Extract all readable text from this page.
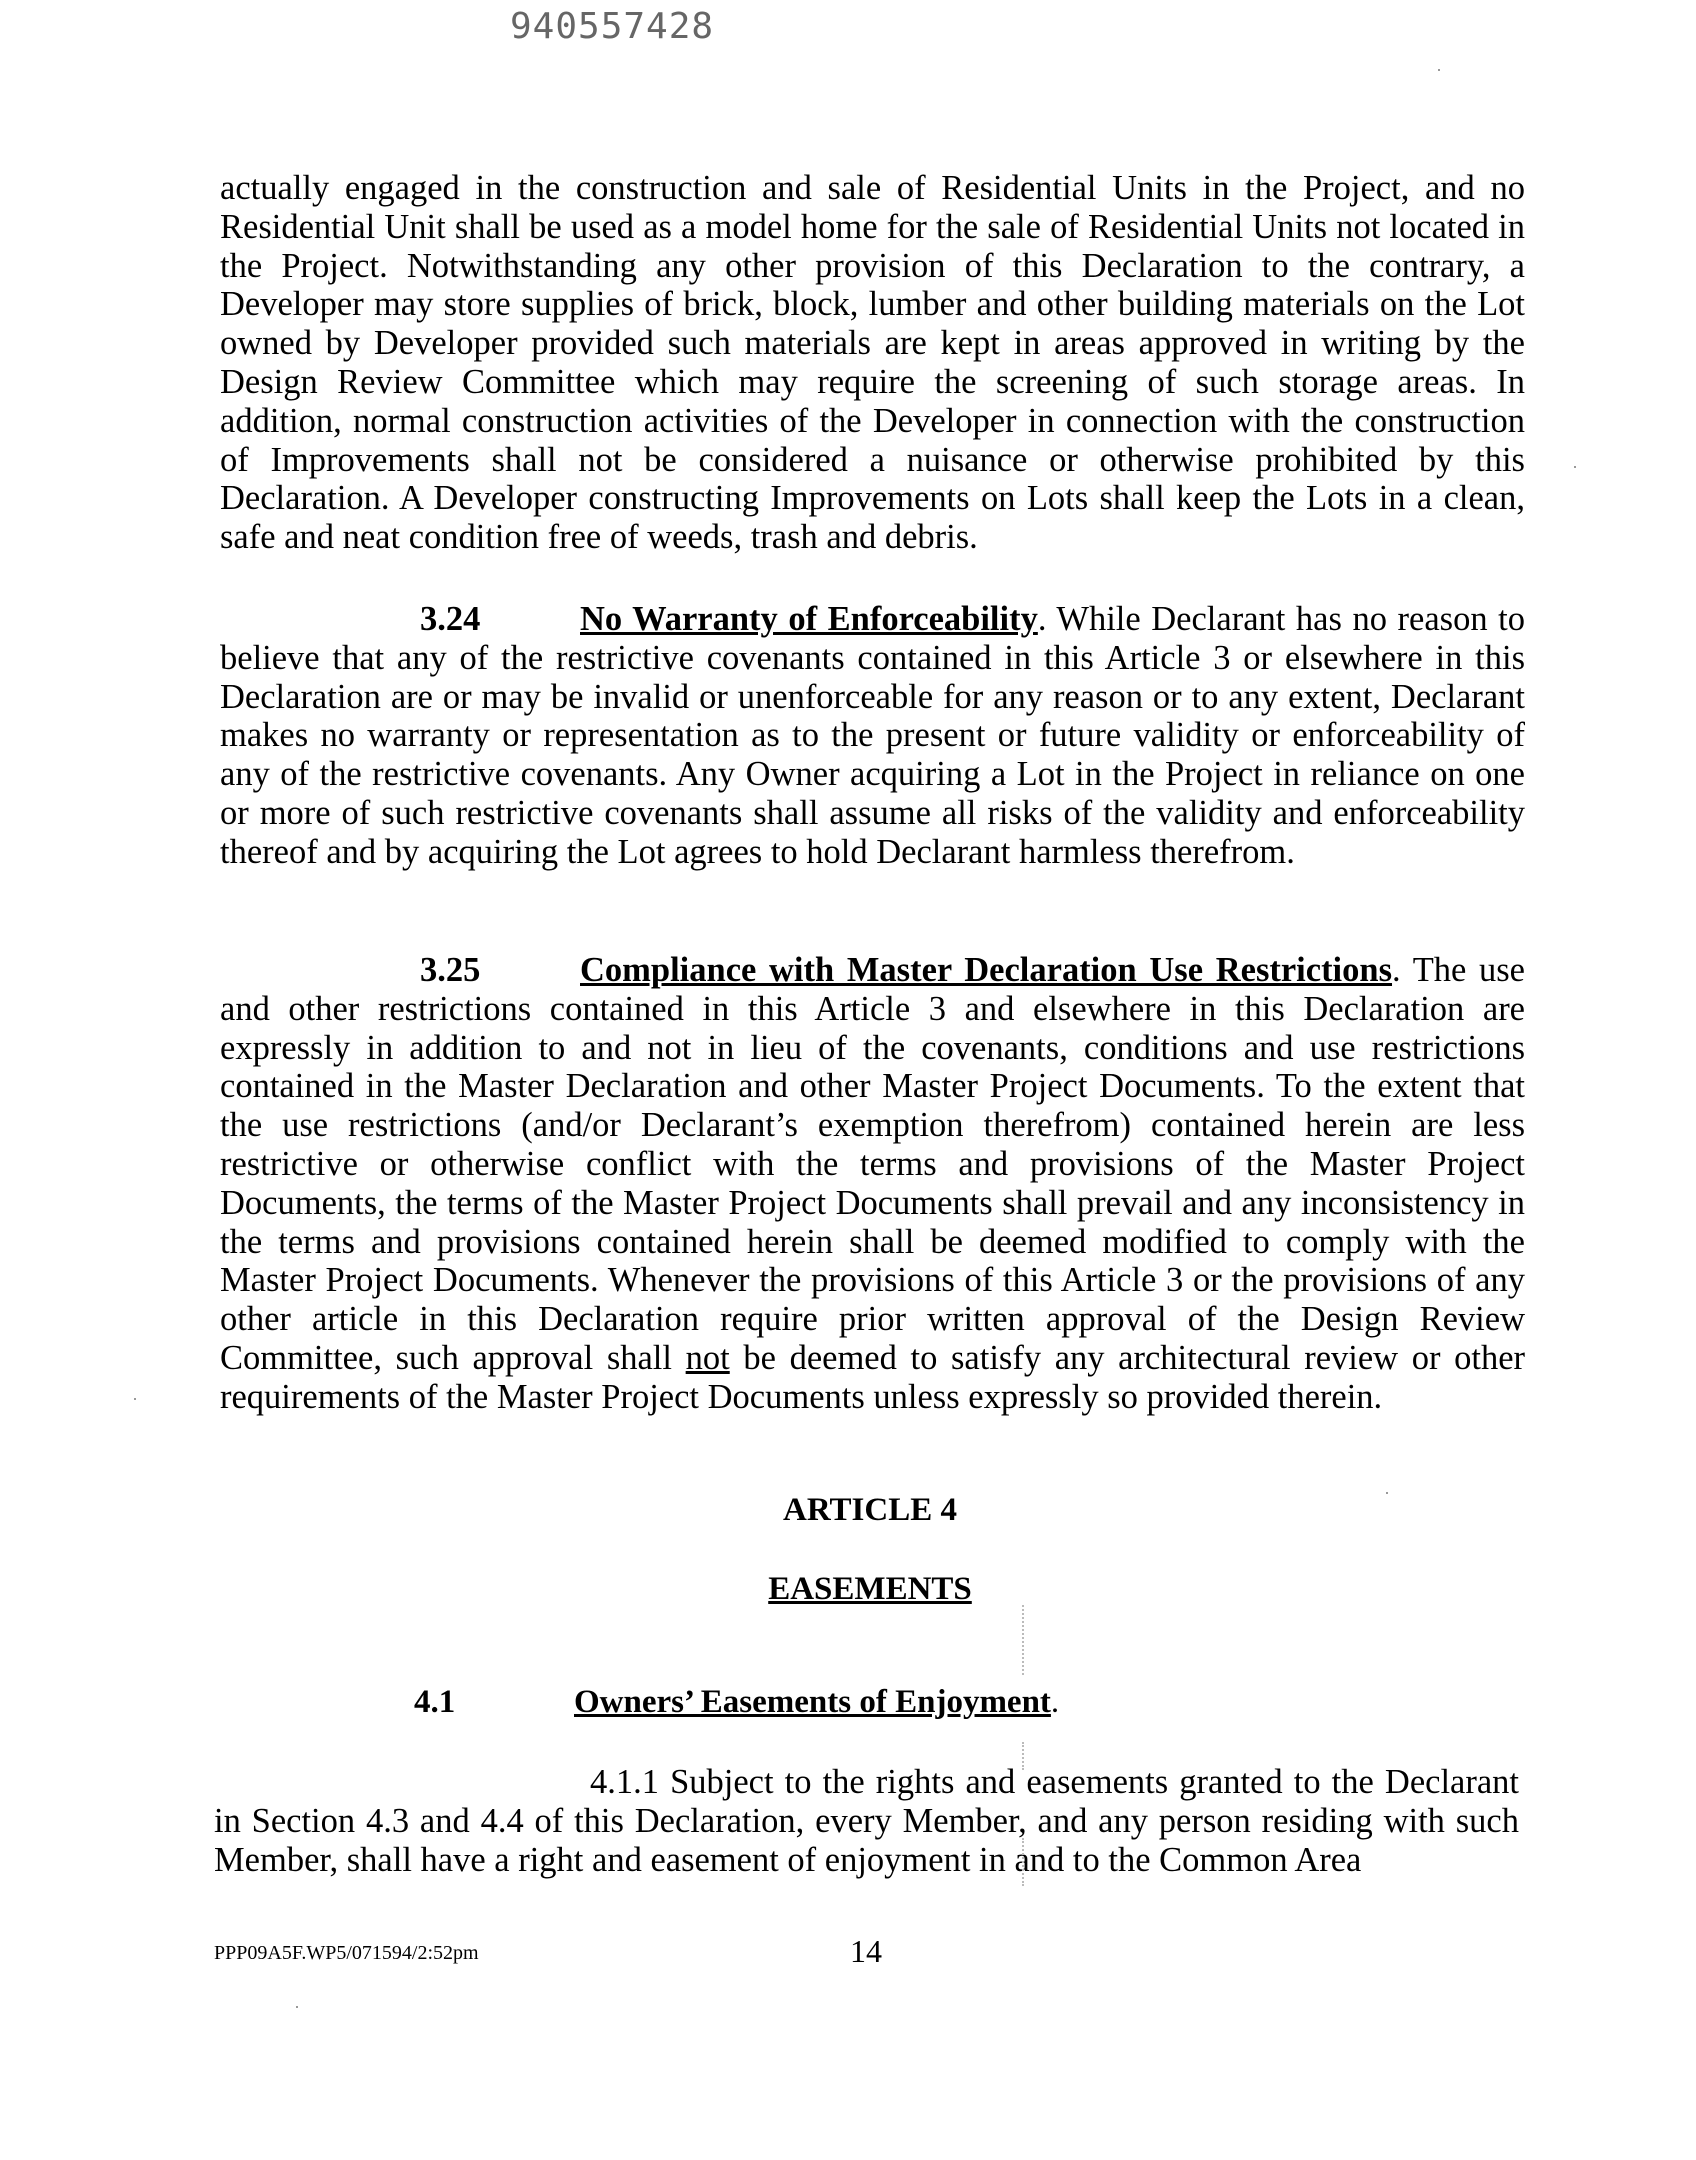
940557428

actually engaged in the construction and sale of Residential Units in the Project, and no Residential Unit shall be used as a model home for the sale of Residential Units not located in the Project. Notwithstanding any other provision of this Declaration to the contrary, a Developer may store supplies of brick, block, lumber and other building materials on the Lot owned by Developer provided such materials are kept in areas approved in writing by the Design Review Committee which may require the screening of such storage areas. In addition, normal construction activities of the Developer in connection with the construction of Improvements shall not be considered a nuisance or otherwise prohibited by this Declaration. A Developer constructing Improvements on Lots shall keep the Lots in a clean, safe and neat condition free of weeds, trash and debris.

3.24	No Warranty of Enforceability. While Declarant has no reason to believe that any of the restrictive covenants contained in this Article 3 or elsewhere in this Declaration are or may be invalid or unenforceable for any reason or to any extent, Declarant makes no warranty or representation as to the present or future validity or enforceability of any of the restrictive covenants. Any Owner acquiring a Lot in the Project in reliance on one or more of such restrictive covenants shall assume all risks of the validity and enforceability thereof and by acquiring the Lot agrees to hold Declarant harmless therefrom.

3.25	Compliance with Master Declaration Use Restrictions. The use and other restrictions contained in this Article 3 and elsewhere in this Declaration are expressly in addition to and not in lieu of the covenants, conditions and use restrictions contained in the Master Declaration and other Master Project Documents. To the extent that the use restrictions (and/or Declarant’s exemption therefrom) contained herein are less restrictive or otherwise conflict with the terms and provisions of the Master Project Documents, the terms of the Master Project Documents shall prevail and any inconsistency in the terms and provisions contained herein shall be deemed modified to comply with the Master Project Documents. Whenever the provisions of this Article 3 or the provisions of any other article in this Declaration require prior written approval of the Design Review Committee, such approval shall not be deemed to satisfy any architectural review or other requirements of the Master Project Documents unless expressly so provided therein.

ARTICLE 4
EASEMENTS

4.1	Owners’ Easements of Enjoyment.

4.1.1 Subject to the rights and easements granted to the Declarant in Section 4.3 and 4.4 of this Declaration, every Member, and any person residing with such Member, shall have a right and easement of enjoyment in and to the Common Area

PPP09A5F.WP5/071594/2:52pm	14
